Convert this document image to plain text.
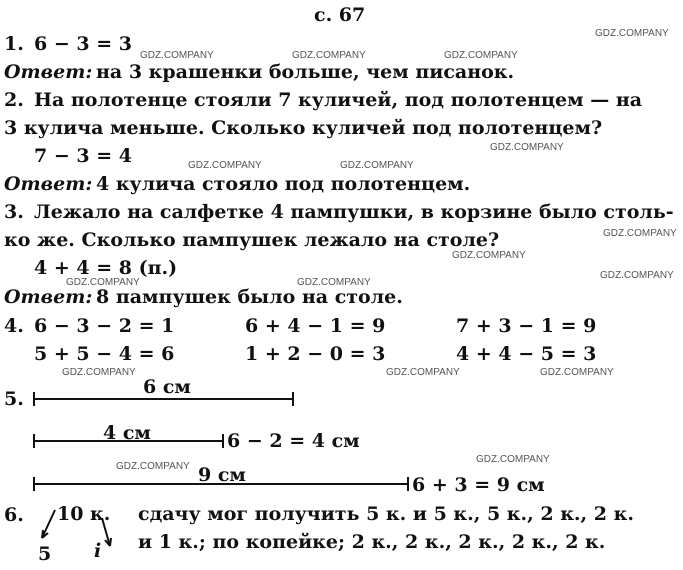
с. 67
GDZ.COMPANY
GDZ.COMPANY	GDZ.COMPANY	GDZ.COMPANY
GDZ.COMPANY
GDZ.COMPANY	GDZ.COMPANY
GDZ.COMPANY
GDZ.COMPANY
GDZ.COMPANY
GDZ.COMPANY	GDZ.COMPANY
GDZ.COMPANY	GDZ.COMPANY	GDZ.COMPANY
GDZ.COMPANY
GDZ.COMPANY
1. 6 − 3 = 3
Ответ: на 3 крашенки больше, чем писанок.
2. На полотенце стояли 7 куличей, под полотенцем — на
3 кулича меньше. Сколько куличей под полотенцем?
7 − 3 = 4
Ответ: 4 кулича стояло под полотенцем.
3. Лежало на салфетке 4 пампушки, в корзине было столь-
ко же. Сколько пампушек лежало на столе?
4 + 4 = 8 (п.)
Ответ: 8 пампушек было на столе.
4. 6 − 3 − 2 = 1	6 + 4 − 1 = 9	7 + 3 − 1 = 9
5 + 5 − 4 = 6	1 + 2 − 0 = 3	4 + 4 − 5 = 3
5.
6 см
4 см	6 − 2 = 4 см
9 см	6 + 3 = 9 см
6. 10 к.
5 i
сдачу мог получить 5 к. и 5 к., 5 к., 2 к., 2 к.
и 1 к.; по копейке; 2 к., 2 к., 2 к., 2 к., 2 к.
